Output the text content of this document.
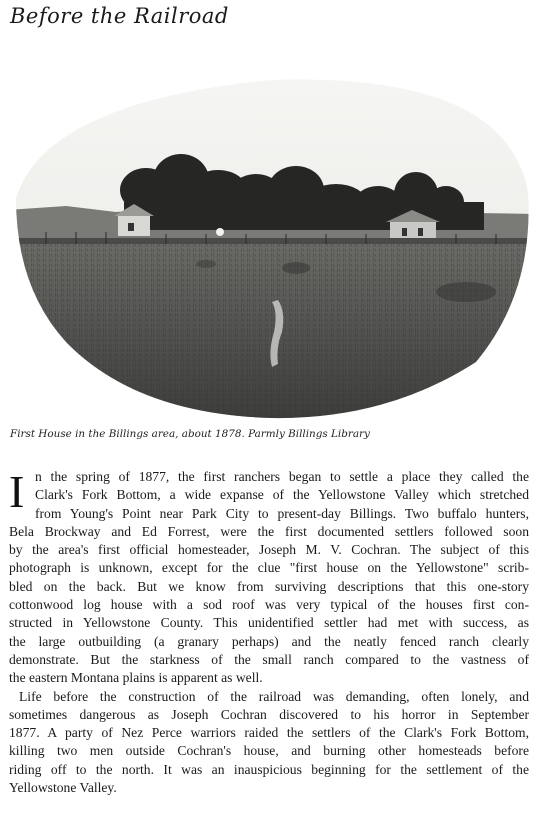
Before the Railroad
First House in the Billings area, about 1878. Parmly Billings Library
I n the spring of 1877, the first ranchers began to settle a place they called the
Clark's Fork Bottom, a wide expanse of the Yellowstone Valley which stretched
from Young's Point near Park City to present-day Billings. Two buffalo hunters,
Bela Brockway and Ed Forrest, were the first documented settlers followed soon
by the area's first official homesteader, Joseph M. V. Cochran. The subject of this
photograph is unknown, except for the clue "first house on the Yellowstone" scrib-
bled on the back. But we know from surviving descriptions that this one-story
cottonwood log house with a sod roof was very typical of the houses first con-
structed in Yellowstone County. This unidentified settler had met with success, as
the large outbuilding (a granary perhaps) and the neatly fenced ranch clearly
demonstrate. But the starkness of the small ranch compared to the vastness of
the eastern Montana plains is apparent as well.

Life before the construction of the railroad was demanding, often lonely, and
sometimes dangerous as Joseph Cochran discovered to his horror in September
1877. A party of Nez Perce warriors raided the settlers of the Clark's Fork Bottom,
killing two men outside Cochran's house, and burning other homesteads before
riding off to the north. It was an inauspicious beginning for the settlement of the
Yellowstone Valley.
